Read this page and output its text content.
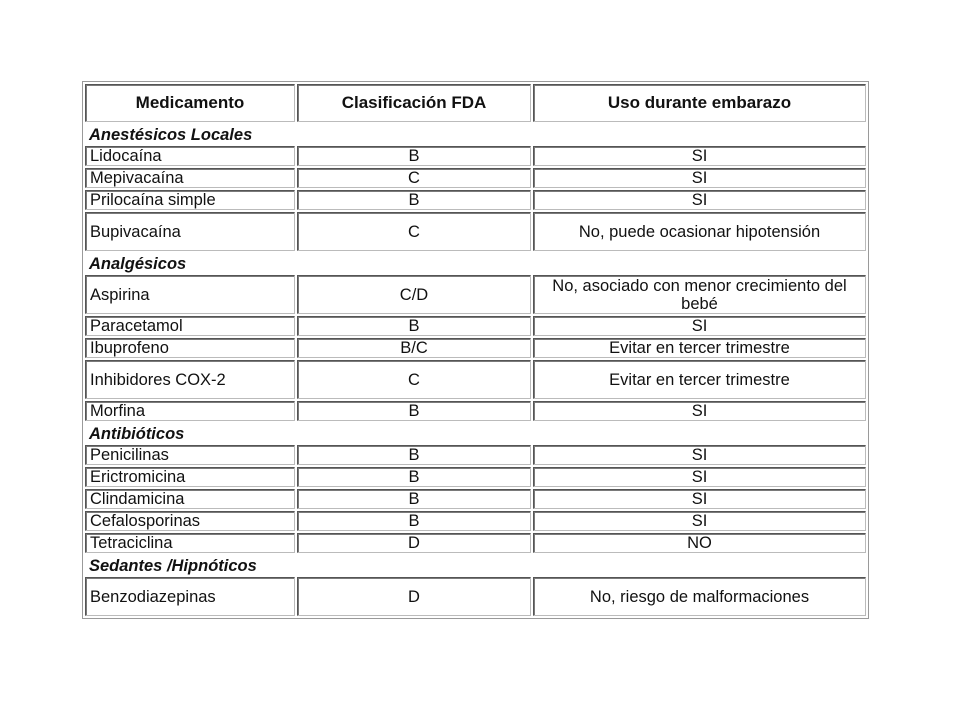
Medicamento	Clasificación FDA	Uso durante embarazo
Anestésicos Locales		
Lidocaína	B	SI
Mepivacaína	C	SI
Prilocaína simple	B	SI
Bupivacaína	C	No, puede ocasionar hipotensión
Analgésicos		
Aspirina	C/D	No, asociado con menor crecimiento del bebé
Paracetamol	B	SI
Ibuprofeno	B/C	Evitar en tercer trimestre
Inhibidores COX-2	C	Evitar en tercer trimestre
Morfina	B	SI
Antibióticos		
Penicilinas	B	SI
Erictromicina	B	SI
Clindamicina	B	SI
Cefalosporinas	B	SI
Tetraciclina	D	NO
Sedantes /Hipnóticos		
Benzodiazepinas	D	No, riesgo de malformaciones
